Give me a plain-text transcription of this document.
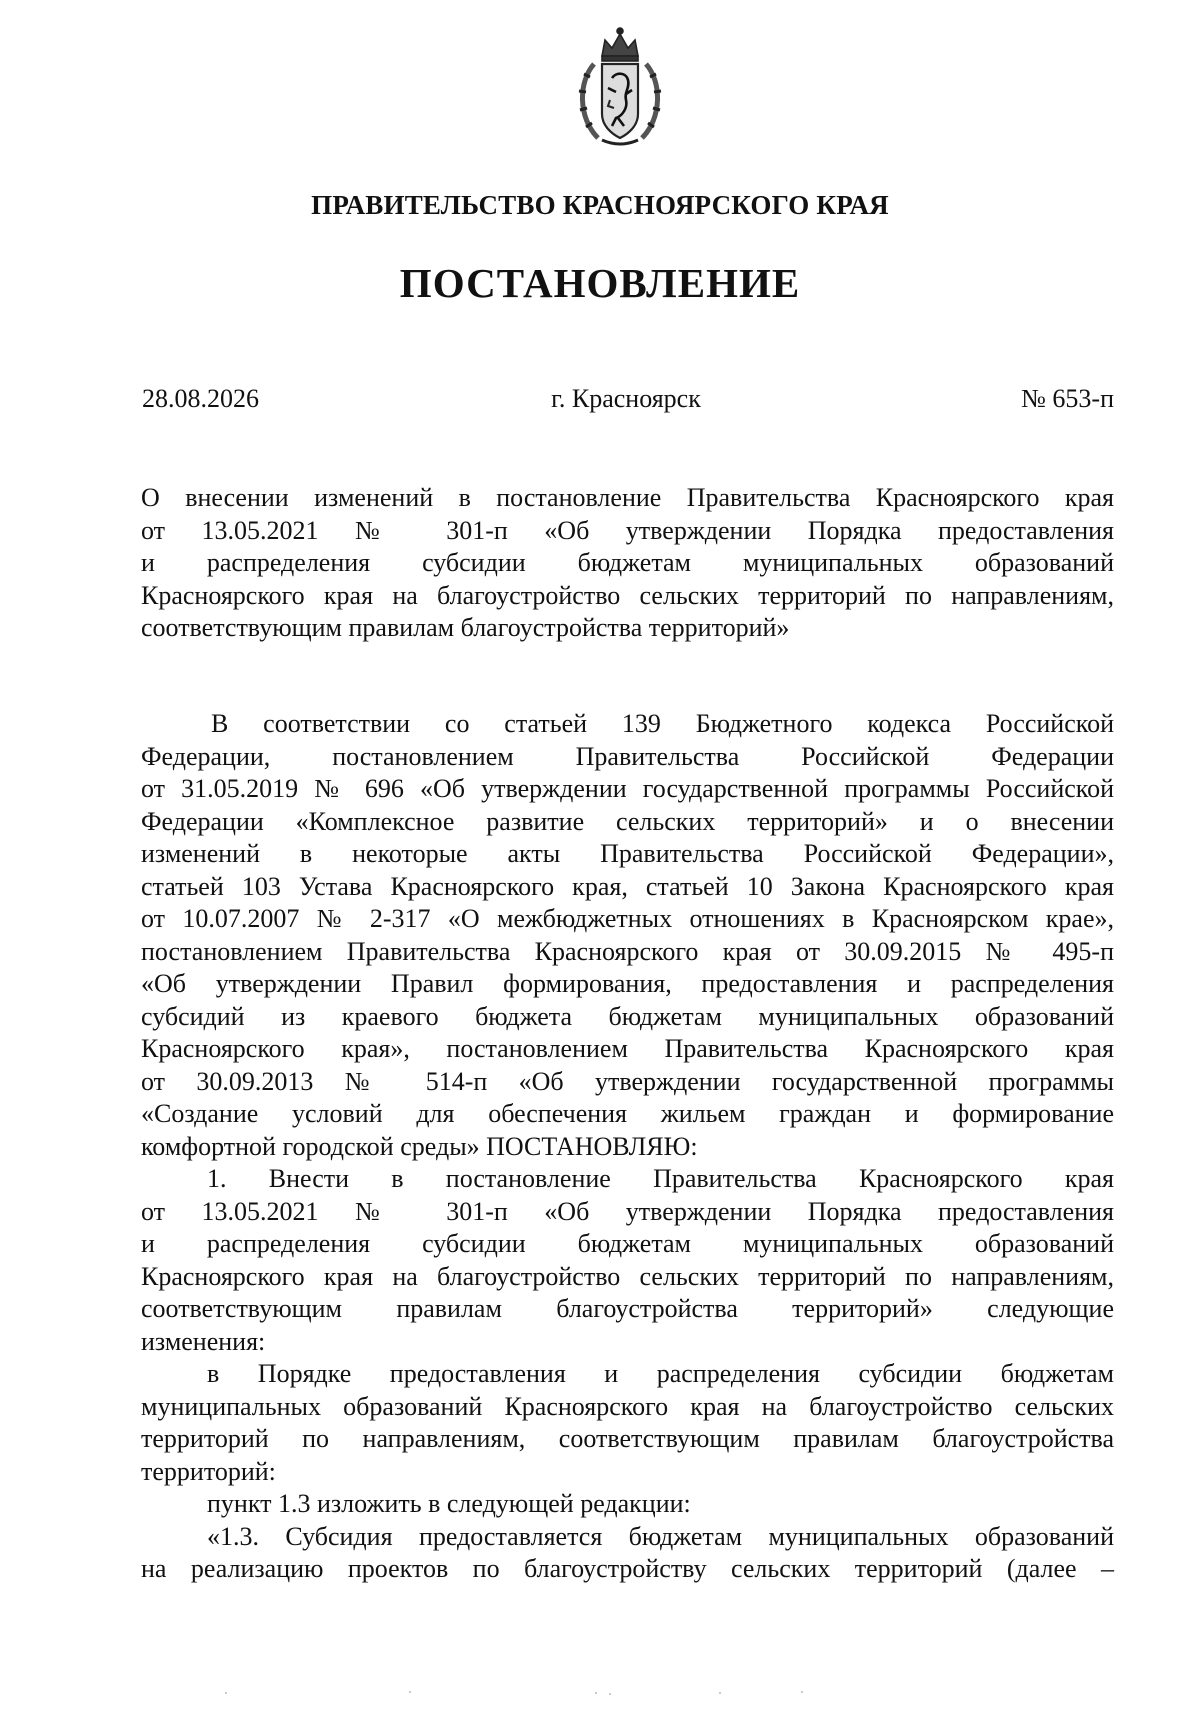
ПРАВИТЕЛЬСТВО КРАСНОЯРСКОГО КРАЯ
ПОСТАНОВЛЕНИЕ
28.08.2026	г. Красноярск	№ 653-п
О внесении изменений в постановление Правительства Красноярского края
от 13.05.2021 № 301-п «Об утверждении Порядка предоставления
и распределения субсидии бюджетам муниципальных образований
Красноярского края на благоустройство сельских территорий по направлениям,
соответствующим правилам благоустройства территорий»
В соответствии со статьей 139 Бюджетного кодекса Российской
Федерации, постановлением Правительства Российской Федерации
от 31.05.2019 № 696 «Об утверждении государственной программы Российской
Федерации «Комплексное развитие сельских территорий» и о внесении
изменений в некоторые акты Правительства Российской Федерации»,
статьей 103 Устава Красноярского края, статьей 10 Закона Красноярского края
от 10.07.2007 № 2-317 «О межбюджетных отношениях в Красноярском крае»,
постановлением Правительства Красноярского края от 30.09.2015 № 495-п
«Об утверждении Правил формирования, предоставления и распределения
субсидий из краевого бюджета бюджетам муниципальных образований
Красноярского края», постановлением Правительства Красноярского края
от 30.09.2013 № 514-п «Об утверждении государственной программы
«Создание условий для обеспечения жильем граждан и формирование
комфортной городской среды» ПОСТАНОВЛЯЮ:
1. Внести в постановление Правительства Красноярского края
от 13.05.2021 № 301-п «Об утверждении Порядка предоставления
и распределения субсидии бюджетам муниципальных образований
Красноярского края на благоустройство сельских территорий по направлениям,
соответствующим правилам благоустройства территорий» следующие
изменения:
в Порядке предоставления и распределения субсидии бюджетам
муниципальных образований Красноярского края на благоустройство сельских
территорий по направлениям, соответствующим правилам благоустройства
территорий:
пункт 1.3 изложить в следующей редакции:
«1.3. Субсидия предоставляется бюджетам муниципальных образований
на реализацию проектов по благоустройству сельских территорий (далее –
